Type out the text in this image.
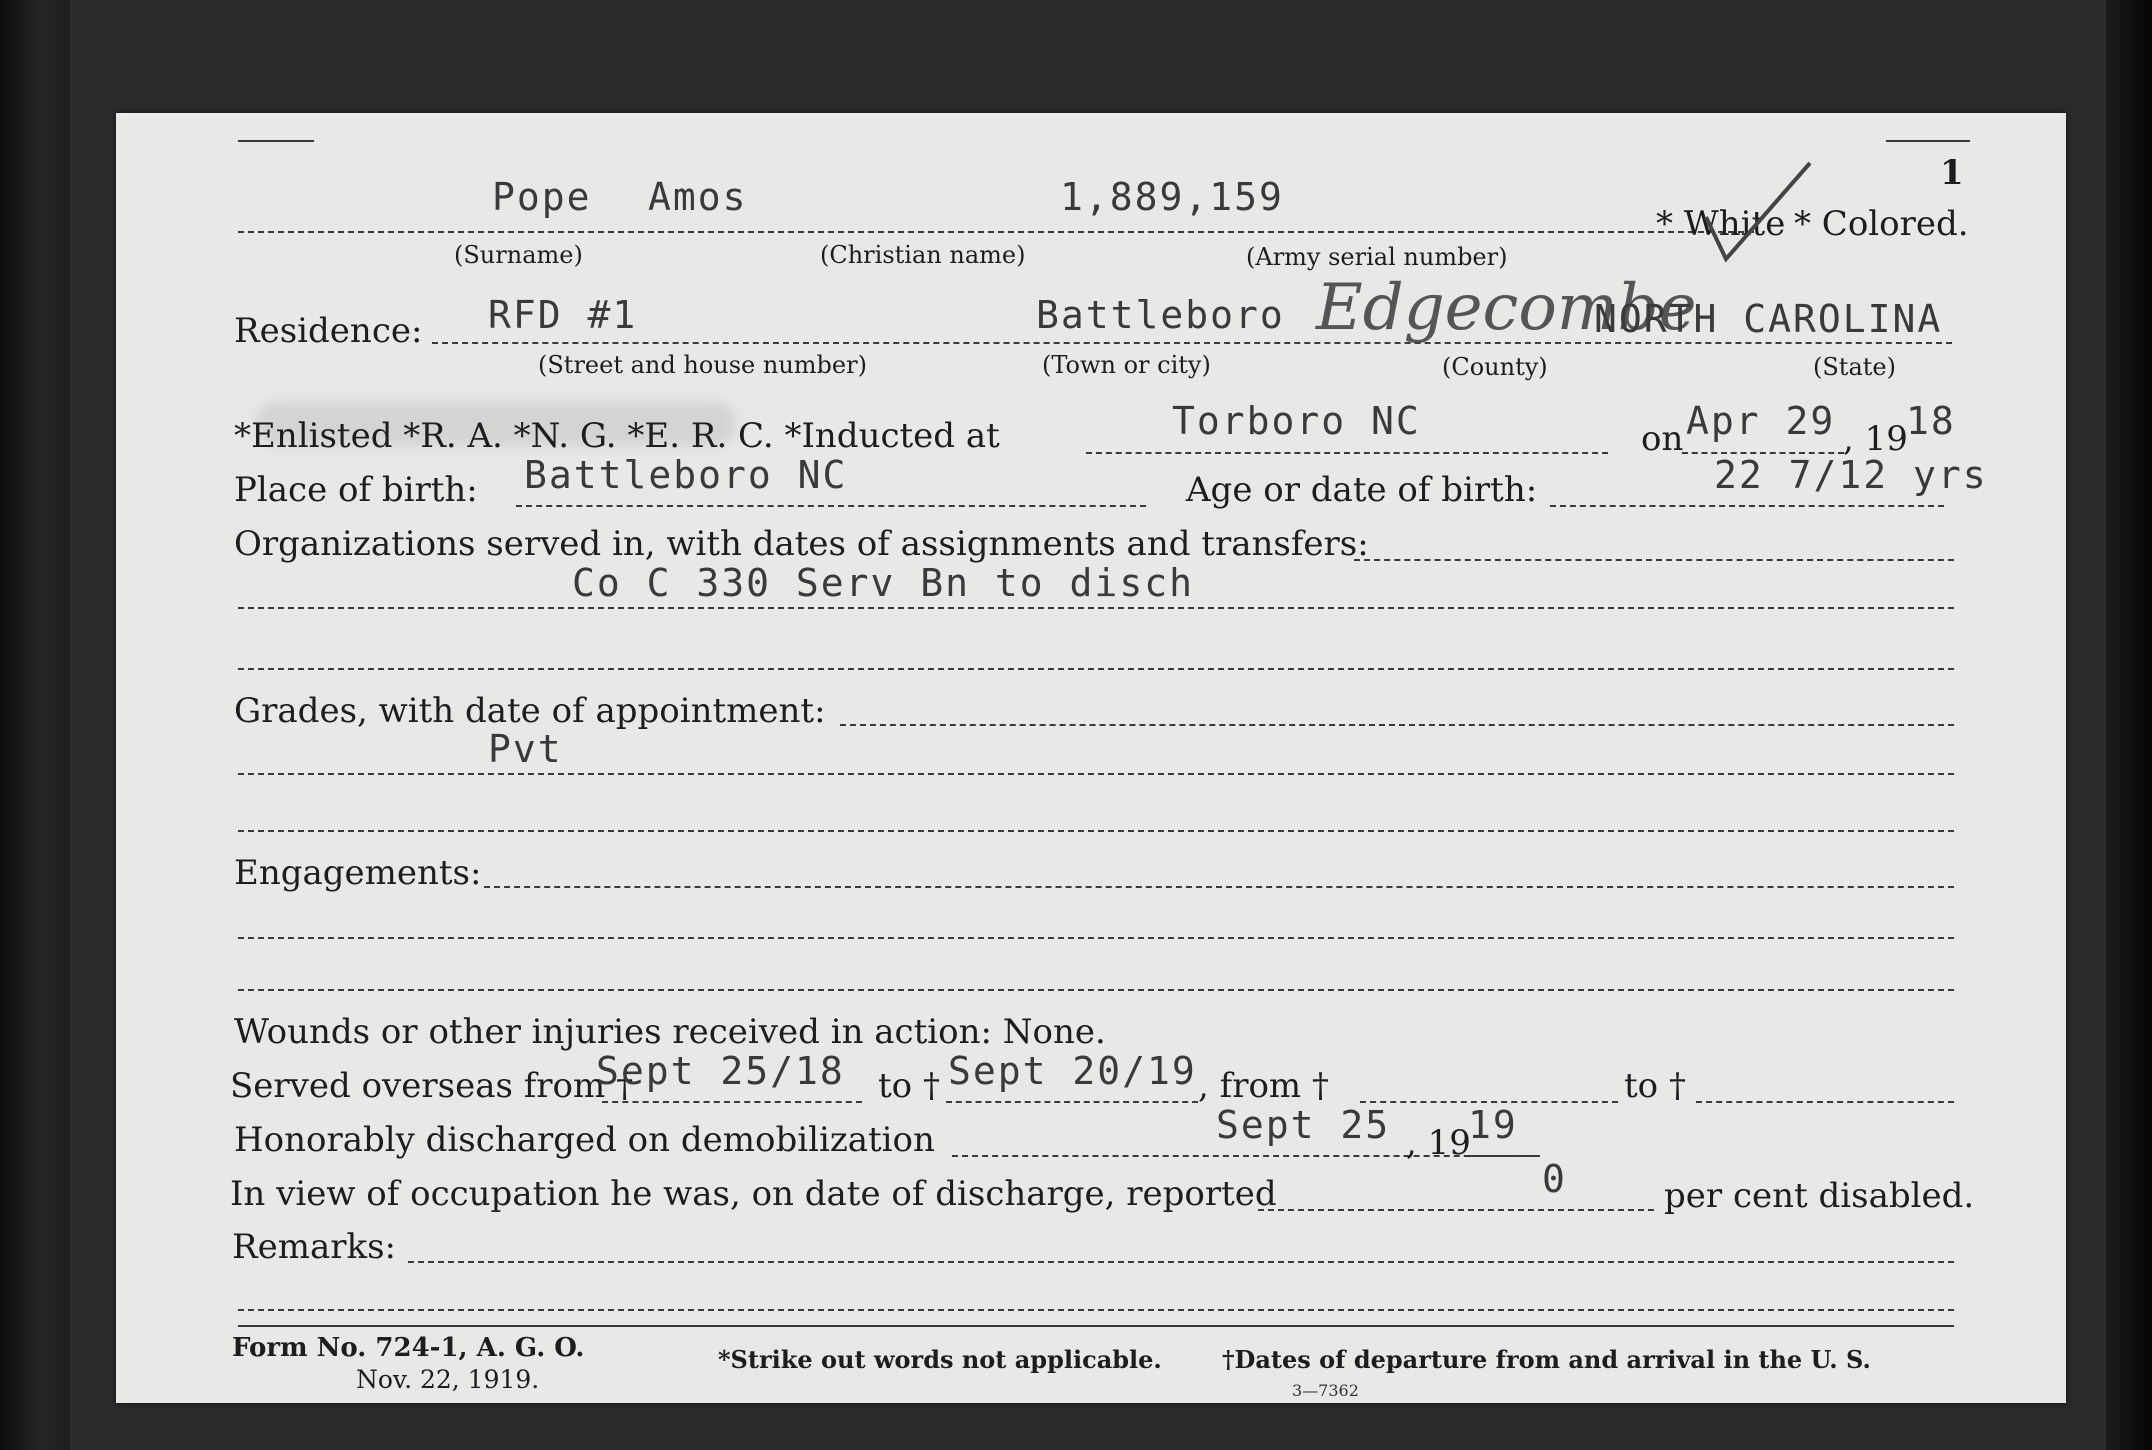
1
Pope Amos	1,889,159
* White * Colored.
(Surname)	(Christian name)	(Army serial number)
Residence: RFD #1	Battleboro Edgecombe
NORTH CAROLINA
(Street and house number)	(Town or city)	(County)	(State)
*Enlisted *R. A. *N. G. *E. R. C. *Inducted at	Torboro NC	on Apr 29 , 19
18
Place of birth: Battleboro NC	Age or date of birth:	22 7/12 yrs
Organizations served in, with dates of assignments and transfers:
Co C 330 Serv Bn to disch
Grades, with date of appointment:
Pvt
Engagements:
Wounds or other injuries received in action: None.
Served overseas from †
Sept 25/18 to † Sept 20/19 , from †	to †
Honorably discharged on demobilization	Sept 25 , 19
19
In view of occupation he was, on date of discharge, reported	0	per cent disabled.
Remarks:
Form No. 724-1, A. G. O.
Nov. 22, 1919.
*Strike out words not applicable.	†Dates of departure from and arrival in the U. S.
3—7362
